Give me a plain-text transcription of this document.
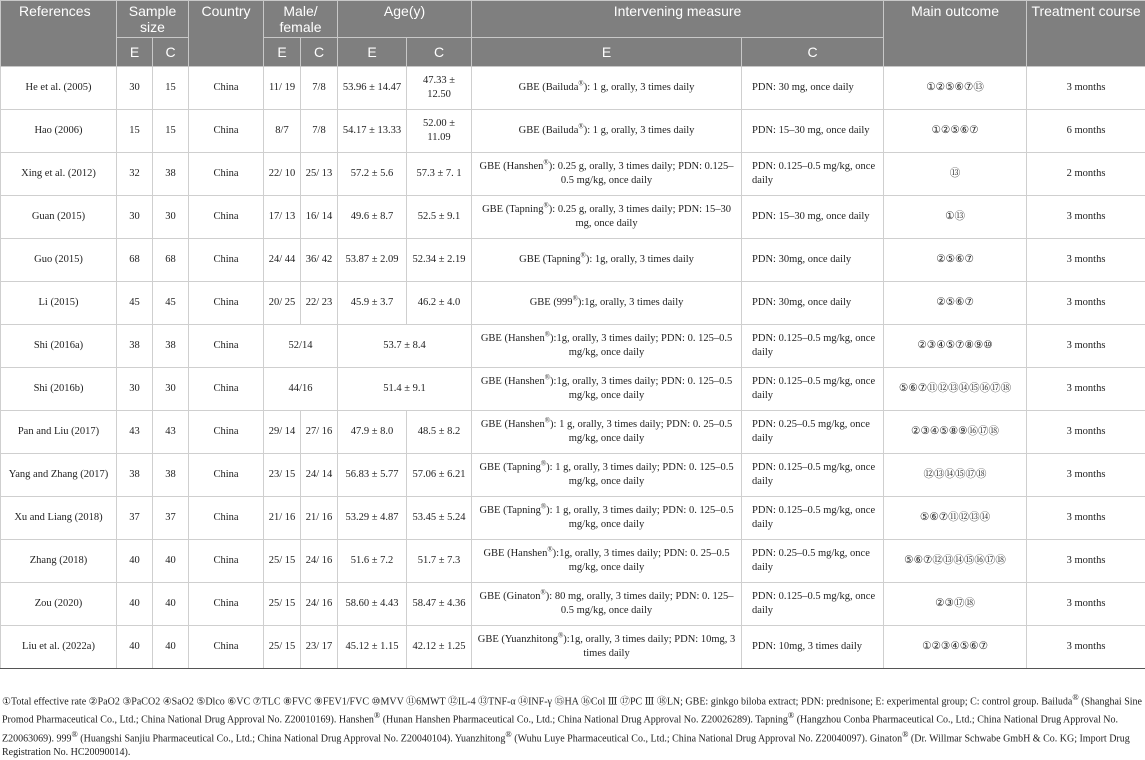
References	Sample size		Country	Male/ female		Age(y)		Intervening measure		Main outcome	Treatment course
	E	C		E	C	E	C	E	C		
He et al. (2005)	30	15	China	11/ 19	7/8	53.96 ± 14.47	47.33 ± 12.50	GBE (Bailuda®): 1 g, orally, 3 times daily	PDN: 30 mg, once daily	①②⑤⑥⑦⑬	3 months
Hao (2006)	15	15	China	8/7	7/8	54.17 ± 13.33	52.00 ± 11.09	GBE (Bailuda®): 1 g, orally, 3 times daily	PDN: 15–30 mg, once daily	①②⑤⑥⑦	6 months
Xing et al. (2012)	32	38	China	22/ 10	25/ 13	57.2 ± 5.6	57.3 ± 7. 1	GBE (Hanshen®): 0.25 g, orally, 3 times daily; PDN: 0.125–0.5 mg/kg, once daily	PDN: 0.125–0.5 mg/kg, once daily	⑬	2 months
Guan (2015)	30	30	China	17/ 13	16/ 14	49.6 ± 8.7	52.5 ± 9.1	GBE (Tapning®): 0.25 g, orally, 3 times daily; PDN: 15–30 mg, once daily	PDN: 15–30 mg, once daily	①⑬	3 months
Guo (2015)	68	68	China	24/ 44	36/ 42	53.87 ± 2.09	52.34 ± 2.19	GBE (Tapning®): 1g, orally, 3 times daily	PDN: 30mg, once daily	②⑤⑥⑦	3 months
Li (2015)	45	45	China	20/ 25	22/ 23	45.9 ± 3.7	46.2 ± 4.0	GBE (999®):1g, orally, 3 times daily	PDN: 30mg, once daily	②⑤⑥⑦	3 months
Shi (2016a)	38	38	China	52/14		53.7 ± 8.4		GBE (Hanshen®):1g, orally, 3 times daily; PDN: 0. 125–0.5 mg/kg, once daily	PDN: 0.125–0.5 mg/kg, once daily	②③④⑤⑦⑧⑨⑩	3 months
Shi (2016b)	30	30	China	44/16		51.4 ± 9.1		GBE (Hanshen®):1g, orally, 3 times daily; PDN: 0. 125–0.5 mg/kg, once daily	PDN: 0.125–0.5 mg/kg, once daily	⑤⑥⑦⑪⑫⑬⑭⑮⑯⑰⑱	3 months
Pan and Liu (2017)	43	43	China	29/ 14	27/ 16	47.9 ± 8.0	48.5 ± 8.2	GBE (Hanshen®): 1 g, orally, 3 times daily; PDN: 0. 25–0.5 mg/kg, once daily	PDN: 0.25–0.5 mg/kg, once daily	②③④⑤⑧⑨⑯⑰⑱	3 months
Yang and Zhang (2017)	38	38	China	23/ 15	24/ 14	56.83 ± 5.77	57.06 ± 6.21	GBE (Tapning®): 1 g, orally, 3 times daily; PDN: 0. 125–0.5 mg/kg, once daily	PDN: 0.125–0.5 mg/kg, once daily	⑫⑬⑭⑮⑰⑱	3 months
Xu and Liang (2018)	37	37	China	21/ 16	21/ 16	53.29 ± 4.87	53.45 ± 5.24	GBE (Tapning®): 1 g, orally, 3 times daily; PDN: 0. 125–0.5 mg/kg, once daily	PDN: 0.125–0.5 mg/kg, once daily	⑤⑥⑦⑪⑫⑬⑭	3 months
Zhang (2018)	40	40	China	25/ 15	24/ 16	51.6 ± 7.2	51.7 ± 7.3	GBE (Hanshen®):1g, orally, 3 times daily; PDN: 0. 25–0.5 mg/kg, once daily	PDN: 0.25–0.5 mg/kg, once daily	⑤⑥⑦⑫⑬⑭⑮⑯⑰⑱	3 months
Zou (2020)	40	40	China	25/ 15	24/ 16	58.60 ± 4.43	58.47 ± 4.36	GBE (Ginaton®): 80 mg, orally, 3 times daily; PDN: 0. 125–0.5 mg/kg, once daily	PDN: 0.125–0.5 mg/kg, once daily	②③⑰⑱	3 months
Liu et al. (2022a)	40	40	China	25/ 15	23/ 17	45.12 ± 1.15	42.12 ± 1.25	GBE (Yuanzhitong®):1g, orally, 3 times daily; PDN: 10mg, 3 times daily	PDN: 10mg, 3 times daily	①②③④⑤⑥⑦	3 months

①Total effective rate ②PaO2 ③PaCO2 ④SaO2 ⑤Dlco ⑥VC ⑦TLC ⑧FVC ⑨FEV1/FVC ⑩MVV ⑪6MWT ⑫IL-4 ⑬TNF-α ⑭INF-γ ⑮HA ⑯Col Ⅲ ⑰PC Ⅲ ⑱LN; GBE: ginkgo biloba extract; PDN: prednisone; E: experimental group; C: control group. Bailuda® (Shanghai Sine Promod Pharmaceutical Co., Ltd.; China National Drug Approval No. Z20010169). Hanshen® (Hunan Hanshen Pharmaceutical Co., Ltd.; China National Drug Approval No. Z20026289). Tapning® (Hangzhou Conba Pharmaceutical Co., Ltd.; China National Drug Approval No. Z20063069). 999® (Huangshi Sanjiu Pharmaceutical Co., Ltd.; China National Drug Approval No. Z20040104). Yuanzhitong® (Wuhu Luye Pharmaceutical Co., Ltd.; China National Drug Approval No. Z20040097). Ginaton® (Dr. Willmar Schwabe GmbH & Co. KG; Import Drug Registration No. HC20090014).
